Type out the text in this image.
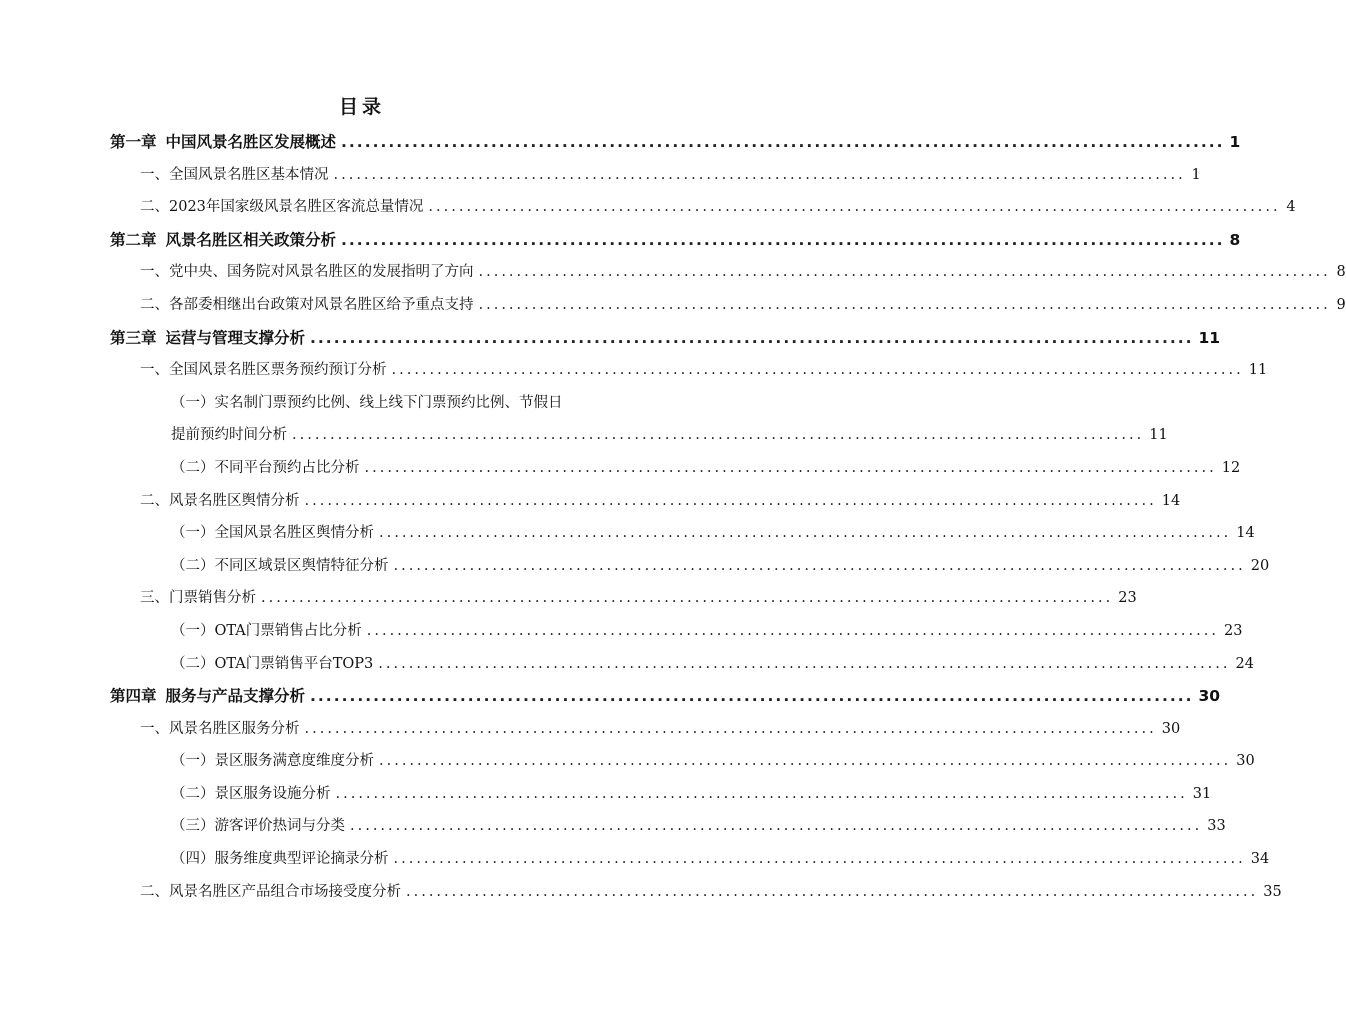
目录
第一章 中国风景名胜区发展概述 ................................................................................................................ 1
一、全国风景名胜区基本情况 ................................................................................................................ 1
二、2023年国家级风景名胜区客流总量情况 ................................................................................................................ 4
第二章 风景名胜区相关政策分析 ................................................................................................................ 8
一、党中央、国务院对风景名胜区的发展指明了方向 ................................................................................................................ 8
二、各部委相继出台政策对风景名胜区给予重点支持 ................................................................................................................ 9
第三章 运营与管理支撑分析 ................................................................................................................ 11
一、全国风景名胜区票务预约预订分析 ................................................................................................................ 11
（一）实名制门票预约比例、线上线下门票预约比例、节假日
提前预约时间分析 ................................................................................................................ 11
（二）不同平台预约占比分析 ................................................................................................................ 12
二、风景名胜区舆情分析 ................................................................................................................ 14
（一）全国风景名胜区舆情分析 ................................................................................................................ 14
（二）不同区域景区舆情特征分析 ................................................................................................................ 20
三、门票销售分析 ................................................................................................................ 23
（一）OTA门票销售占比分析 ................................................................................................................ 23
（二）OTA门票销售平台TOP3 ................................................................................................................ 24
第四章 服务与产品支撑分析 ................................................................................................................ 30
一、风景名胜区服务分析 ................................................................................................................ 30
（一）景区服务满意度维度分析 ................................................................................................................ 30
（二）景区服务设施分析 ................................................................................................................ 31
（三）游客评价热词与分类 ................................................................................................................ 33
（四）服务维度典型评论摘录分析 ................................................................................................................ 34
二、风景名胜区产品组合市场接受度分析 ................................................................................................................ 35
